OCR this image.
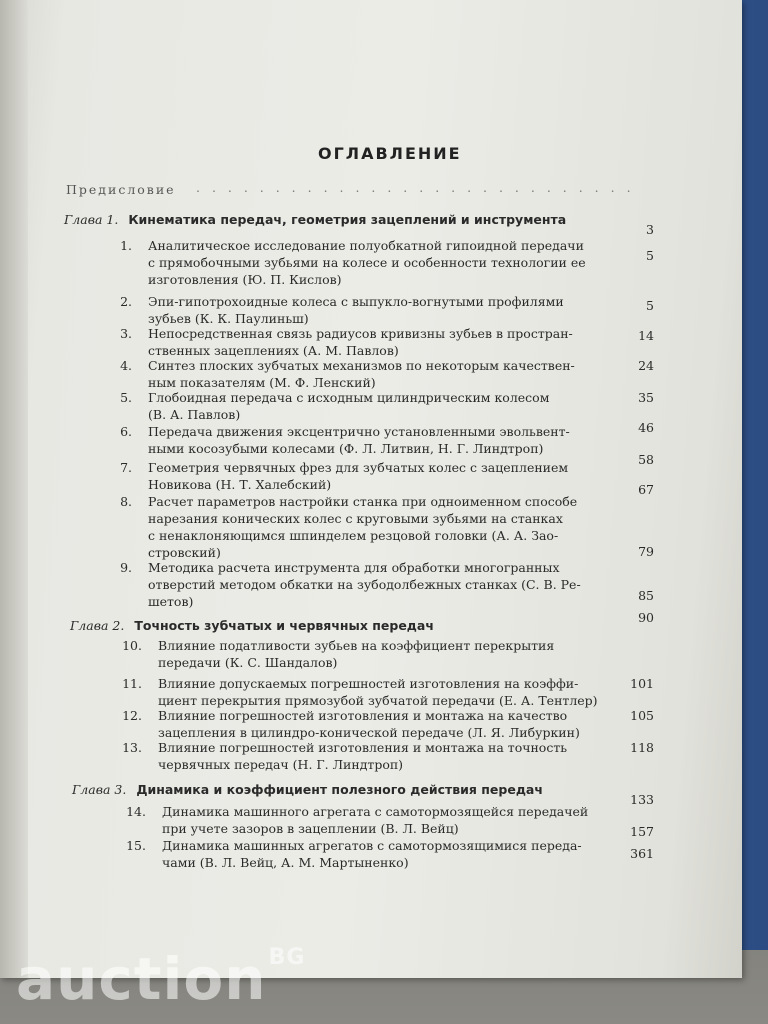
ОГЛАВЛЕНИЕ
Предисловие . . . . . . . . . . . . . . . . . . . . . . . . . . . .
Глава 1. Кинематика передач, геометрия зацеплений и инструмента
3
1. Аналитическое исследование полуобкатной гипоидной передачи
с прямобочными зубьями на колесе и особенности технологии ее
изготовления (Ю. П. Кислов)
5
2. Эпи-гипотрохоидные колеса с выпукло-вогнутыми профилями
зубьев (К. К. Паулиньш)
5
3. Непосредственная связь радиусов кривизны зубьев в простран-
ственных зацеплениях (А. М. Павлов)
14
4. Синтез плоских зубчатых механизмов по некоторым качествен-
ным показателям (М. Ф. Ленский)
24
5. Глобоидная передача с исходным цилиндрическим колесом
(В. А. Павлов)
35
6. Передача движения эксцентрично установленными эвольвент-
ными косозубыми колесами (Ф. Л. Литвин, Н. Г. Линдтроп)
46
7. Геометрия червячных фрез для зубчатых колес с зацеплением
Новикова (Н. Т. Халебский)
58
8. Расчет параметров настройки станка при одноименном способе
нарезания конических колес с круговыми зубьями на станках
с ненаклоняющимся шпинделем резцовой головки (А. А. Зао-
стровский)
67
9. Методика расчета инструмента для обработки многогранных
отверстий методом обкатки на зубодолбежных станках (С. В. Ре-
шетов)
79
10. Влияние податливости зубьев на коэффициент перекрытия
передачи (К. С. Шандалов)
85
11. Влияние допускаемых погрешностей изготовления на коэффи-
циент перекрытия прямозубой зубчатой передачи (Е. А. Тентлер)
101
12. Влияние погрешностей изготовления и монтажа на качество
зацепления в цилиндро-конической передаче (Л. Я. Либуркин)
105
13. Влияние погрешностей изготовления и монтажа на точность
червячных передач (Н. Г. Линдтроп)
118
14. Динамика машинного агрегата с самотормозящейся передачей
при учете зазоров в зацеплении (В. Л. Вейц)
133
15. Динамика машинных агрегатов с самотормозящимися переда-
чами (В. Л. Вейц, А. М. Мартыненко)
157
Глава 2. Точность зубчатых и червячных передач
90
Глава 3. Динамика и коэффициент полезного действия передач
361
auction$^{BG}$
